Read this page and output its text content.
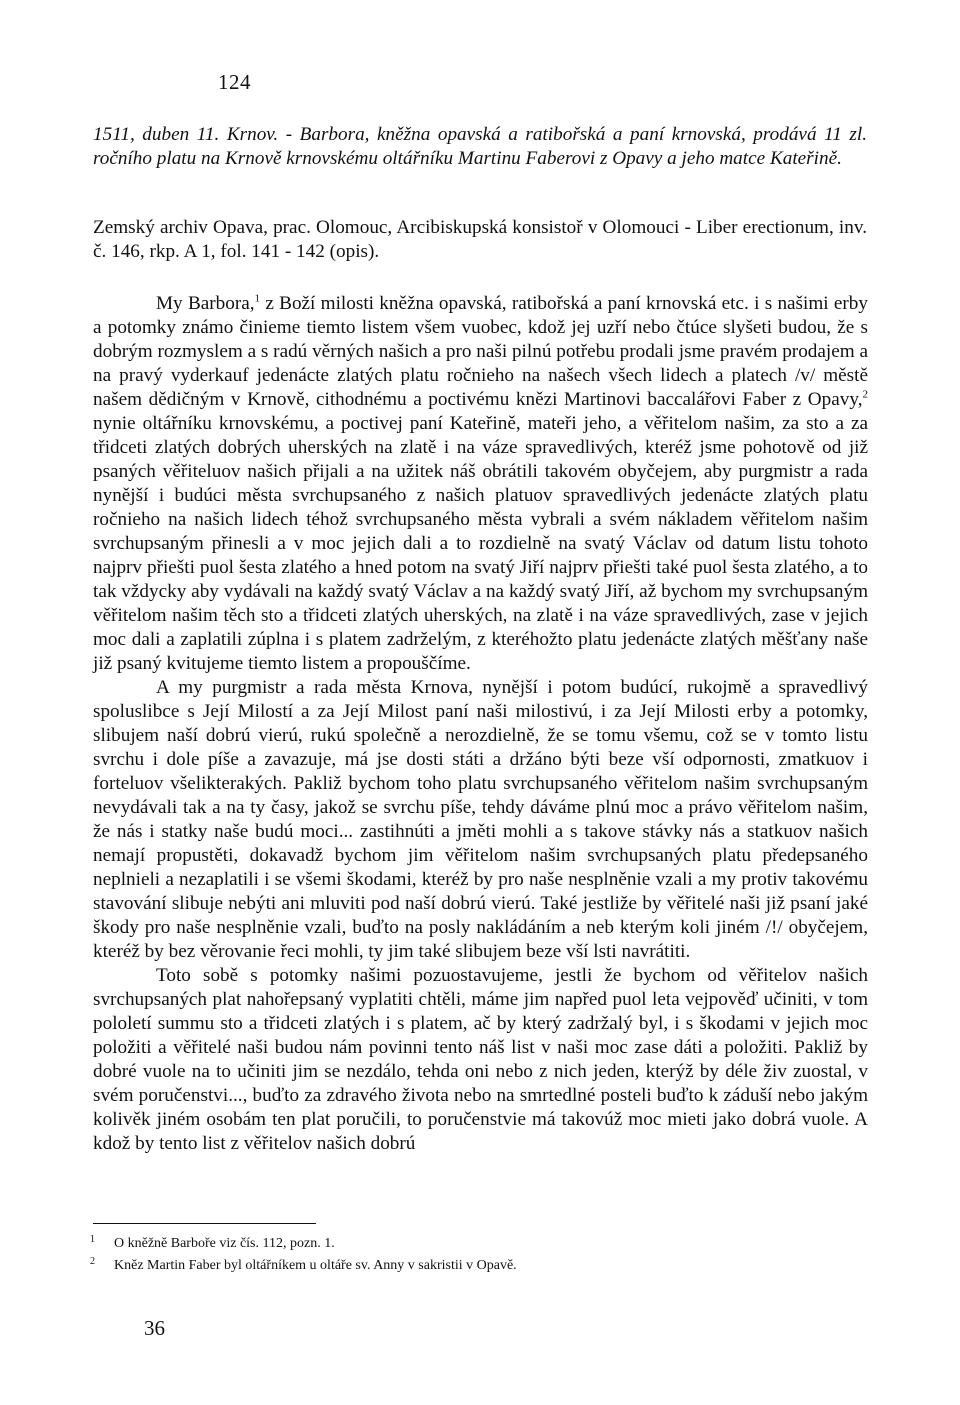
124
1511, duben 11. Krnov. - Barbora, kněžna opavská a ratibořská a paní krnovská, prodává 11 zl. ročního platu na Krnově krnovskému oltářníku Martinu Faberovi z Opavy a jeho matce Kateřině.
Zemský archiv Opava, prac. Olomouc, Arcibiskupská konsistoř v Olomouci - Liber erectionum, inv. č. 146, rkp. A 1, fol. 141 - 142 (opis).

My Barbora,$^1$ z Boží milosti kněžna opavská, ratibořská a paní krnovská etc. i s našimi erby a potomky známo činieme tiemto listem všem vuobec, kdož jej uzří nebo čtúce slyšeti budou, že s dobrým rozmyslem a s radú věrných našich a pro naši pilnú potřebu prodali jsme pravém prodajem a na pravý vyderkauf jedenácte zlatých platu ročnieho na našech všech lidech a platech /v/ městě našem dědičným v Krnově, cithodnému a poctivému knězi Martinovi baccalářovi Faber z Opavy,$^2$ nynie oltářníku krnovskému, a poctivej paní Kateřině, mateři jeho, a věřitelom našim, za sto a za třidceti zlatých dobrých uherských na zlatě i na váze spravedlivých, kteréž jsme pohotově od již psaných věřiteluov našich přijali a na užitek náš obrátili takovém obyčejem, aby purgmistr a rada nynější i budúci města svrchupsaného z našich platuov spravedlivých jedenácte zlatých platu ročnieho na našich lidech téhož svrchupsaného města vybrali a svém nákladem věřitelom našim svrchupsaným přinesli a v moc jejich dali a to rozdielně na svatý Václav od datum listu tohoto najprv přiešti puol šesta zlatého a hned potom na svatý Jiří najprv přiešti také puol šesta zlatého, a to tak vždycky aby vydávali na každý svatý Václav a na každý svatý Jiří, až bychom my svrchupsaným věřitelom našim těch sto a třidceti zlatých uherských, na zlatě i na váze spravedlivých, zase v jejich moc dali a zaplatili zúplna i s platem zadrželým, z kteréhožto platu jedenácte zlatých měšťany naše již psaný kvitujeme tiemto listem a propouščíme.

A my purgmistr a rada města Krnova, nynější i potom budúcí, rukojmě a spravedlivý spoluslibce s Její Milostí a za Její Milost paní naši milostivú, i za Její Milosti erby a potomky, slibujem naší dobrú vierú, rukú společně a nerozdielně, že se tomu všemu, což se v tomto listu svrchu i dole píše a zavazuje, má jse dosti státi a držáno býti beze vší odpornosti, zmatkuov i forteluov všelikterakých. Pakliž bychom toho platu svrchupsaného věřitelom našim svrchupsaným nevydávali tak a na ty časy, jakož se svrchu píše, tehdy dáváme plnú moc a právo věřitelom našim, že nás i statky naše budú moci... zastihnúti a jměti mohli a s takove stávky nás a statkuov našich nemají propustěti, dokavadž bychom jim věřitelom našim svrchupsaných platu předepsaného neplnieli a nezaplatili i se všemi škodami, kteréž by pro naše nesplněnie vzali a my protiv takovému stavování slibuje nebýti ani mluviti pod naší dobrú vierú. Také jestliže by věřitelé naši již psaní jaké škody pro naše nesplněnie vzali, buďto na posly nakládáním a neb kterým koli jiném /!/ obyčejem, kteréž by bez věrovanie řeci mohli, ty jim také slibujem beze vší lsti navrátiti.

Toto sobě s potomky našimi pozuostavujeme, jestli že bychom od věřitelov našich svrchupsaných plat nahořepsaný vyplatiti chtěli, máme jim napřed puol leta vejpověď učiniti, v tom pololetí summu sto a třidceti zlatých i s platem, ač by který zadržalý byl, i s škodami v jejich moc položiti a věřitelé naši budou nám povinni tento náš list v naši moc zase dáti a položiti. Pakliž by dobré vuole na to učiniti jim se nezdálo, tehda oni nebo z nich jeden, kterýž by déle živ zuostal, v svém poručenstvi..., buďto za zdravého života nebo na smrtedlné posteli buďto k záduší nebo jakým kolivěk jiném osobám ten plat poručili, to poručenstvie má takovúž moc mieti jako dobrá vuole. A kdož by tento list z věřitelov našich dobrú

1 O kněžně Barboře viz čís. 112, pozn. 1.
2 Kněz Martin Faber byl oltářníkem u oltáře sv. Anny v sakristii v Opavě.
36
